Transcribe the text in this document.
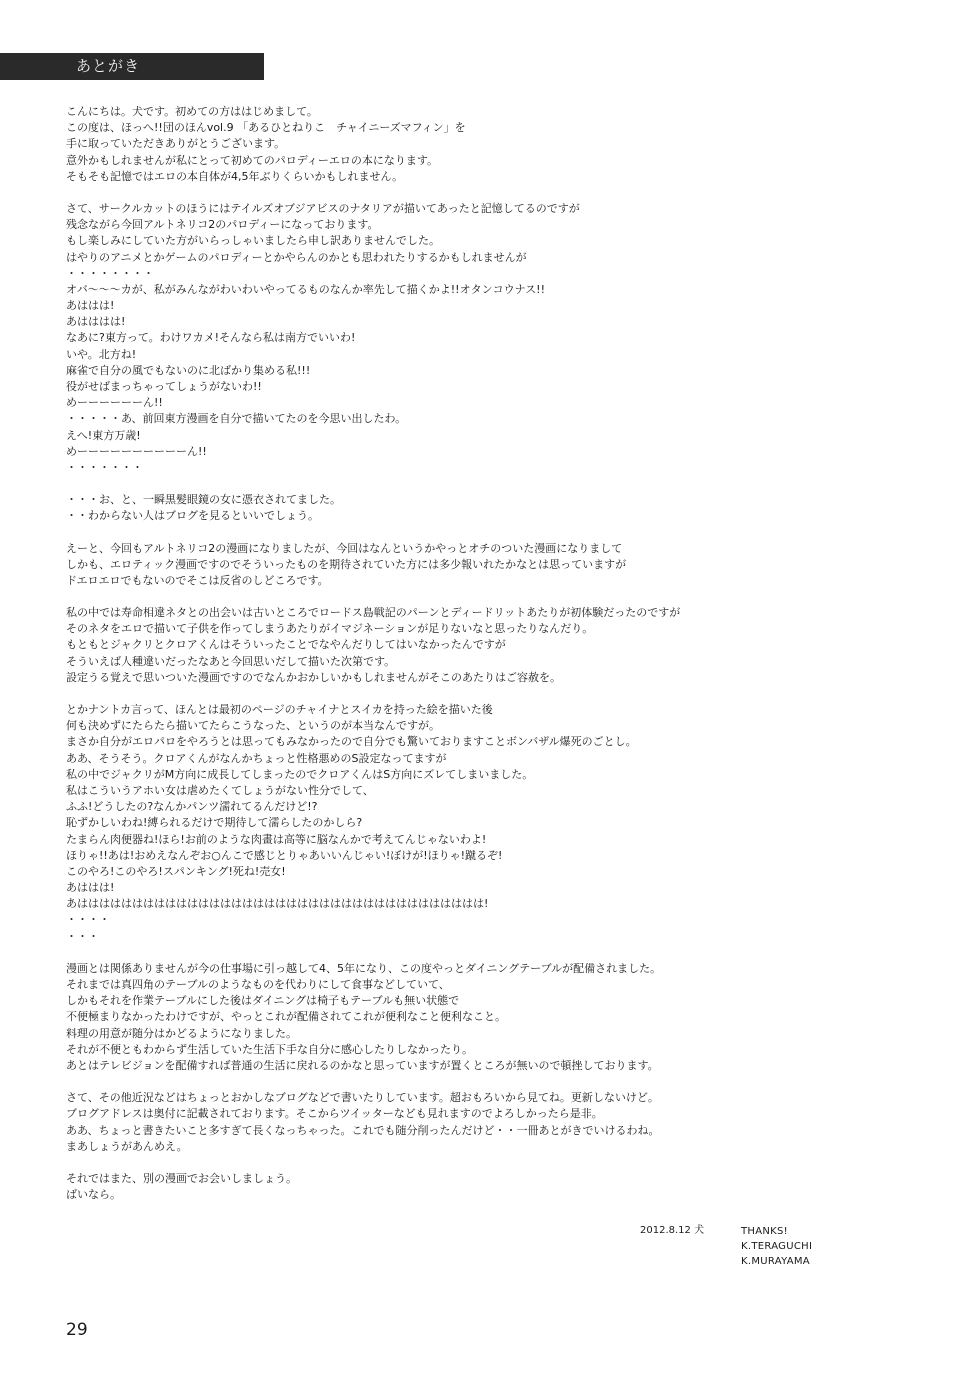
あとがき
こんにちは。犬です。初めての方ははじめまして。
この度は、ほっへ!!団のほんvol.9 「あるひとねりこ　チャイニーズマフィン」を
手に取っていただきありがとうございます。
意外かもしれませんが私にとって初めてのパロディーエロの本になります。
そもそも記憶ではエロの本自体が4,5年ぶりくらいかもしれません。
さて、サークルカットのほうにはテイルズオブジアビスのナタリアが描いてあったと記憶してるのですが
残念ながら今回アルトネリコ2のパロディーになっております。
もし楽しみにしていた方がいらっしゃいましたら申し訳ありませんでした。
はやりのアニメとかゲームのパロディーとかやらんのかとも思われたりするかもしれませんが
・・・・・・・・
オバ〜〜〜カが、私がみんながわいわいやってるものなんか率先して描くかよ!!オタンコウナス!!
あははは!
あはははは!
なあに?東方って。わけワカメ!そんなら私は南方でいいわ!
いや。北方ね!
麻雀で自分の風でもないのに北ばかり集める私!!!
役がせばまっちゃってしょうがないわ!!
めーーーーーーん!!
・・・・・あ、前回東方漫画を自分で描いてたのを今思い出したわ。
えへ!東方万歳!
めーーーーーーーーーーん!!
・・・・・・・
・・・お、と、一瞬黒髪眼鏡の女に憑衣されてました。
・・わからない人はブログを見るといいでしょう。
えーと、今回もアルトネリコ2の漫画になりましたが、今回はなんというかやっとオチのついた漫画になりまして
しかも、エロティック漫画ですのでそういったものを期待されていた方には多少報いれたかなとは思っていますが
ドエロエロでもないのでそこは反省のしどころです。
私の中では寿命相違ネタとの出会いは古いところでロードス島戦記のパーンとディードリットあたりが初体験だったのですが
そのネタをエロで描いて子供を作ってしまうあたりがイマジネーションが足りないなと思ったりなんだり。
もともとジャクリとクロアくんはそういったことでなやんだりしてはいなかったんですが
そういえば人種違いだったなあと今回思いだして描いた次第です。
設定うる覚えで思いついた漫画ですのでなんかおかしいかもしれませんがそこのあたりはご容赦を。
とかナントカ言って、ほんとは最初のページのチャイナとスイカを持った絵を描いた後
何も決めずにたらたら描いてたらこうなった、というのが本当なんですが。
まさか自分がエロパロをやろうとは思ってもみなかったので自分でも驚いておりますことボンバザル爆死のごとし。
ああ、そうそう。クロアくんがなんかちょっと性格悪めのS設定なってますが
私の中でジャクリがM方向に成長してしまったのでクロアくんはS方向にズレてしまいました。
私はこういうアホい女は虐めたくてしょうがない性分でして、
ふふ!どうしたの?なんかパンツ濡れてるんだけど!?
恥ずかしいわね!縛られるだけで期待して濡らしたのかしら?
たまらん肉便器ね!ほら!お前のような肉畫は高等に脳なんかで考えてんじゃないわよ!
ほりゃ!!あは!おめえなんぞお○んこで感じとりゃあいいんじゃい!ぼけが!ほりゃ!蹴るぞ!
このやろ!このやろ!スパンキング!死ね!売女!
あははは!
あははははははははははははははははははははははははははははははははははははは!
・・・・
・・・
漫画とは関係ありませんが今の仕事場に引っ越して4、5年になり、この度やっとダイニングテーブルが配備されました。
それまでは真四角のテーブルのようなものを代わりにして食事などしていて、
しかもそれを作業テーブルにした後はダイニングは椅子もテーブルも無い状態で
不便極まりなかったわけですが、やっとこれが配備されてこれが便利なこと便利なこと。
料理の用意が随分はかどるようになりました。
それが不便ともわからず生活していた生活下手な自分に感心したりしなかったり。
あとはテレビジョンを配備すれば普通の生活に戻れるのかなと思っていますが置くところが無いので頓挫しております。
さて、その他近況などはちょっとおかしなブログなどで書いたりしています。超おもろいから見てね。更新しないけど。
ブログアドレスは奥付に記載されております。そこからツイッターなども見れますのでよろしかったら是非。
ああ、ちょっと書きたいこと多すぎて長くなっちゃった。これでも随分削ったんだけど・・一冊あとがきでいけるわね。
まあしょうがあんめえ。
それではまた、別の漫画でお会いしましょう。
ばいなら。
2012.8.12 犬	THANKS!
K.TERAGUCHI
K.MURAYAMA
29
